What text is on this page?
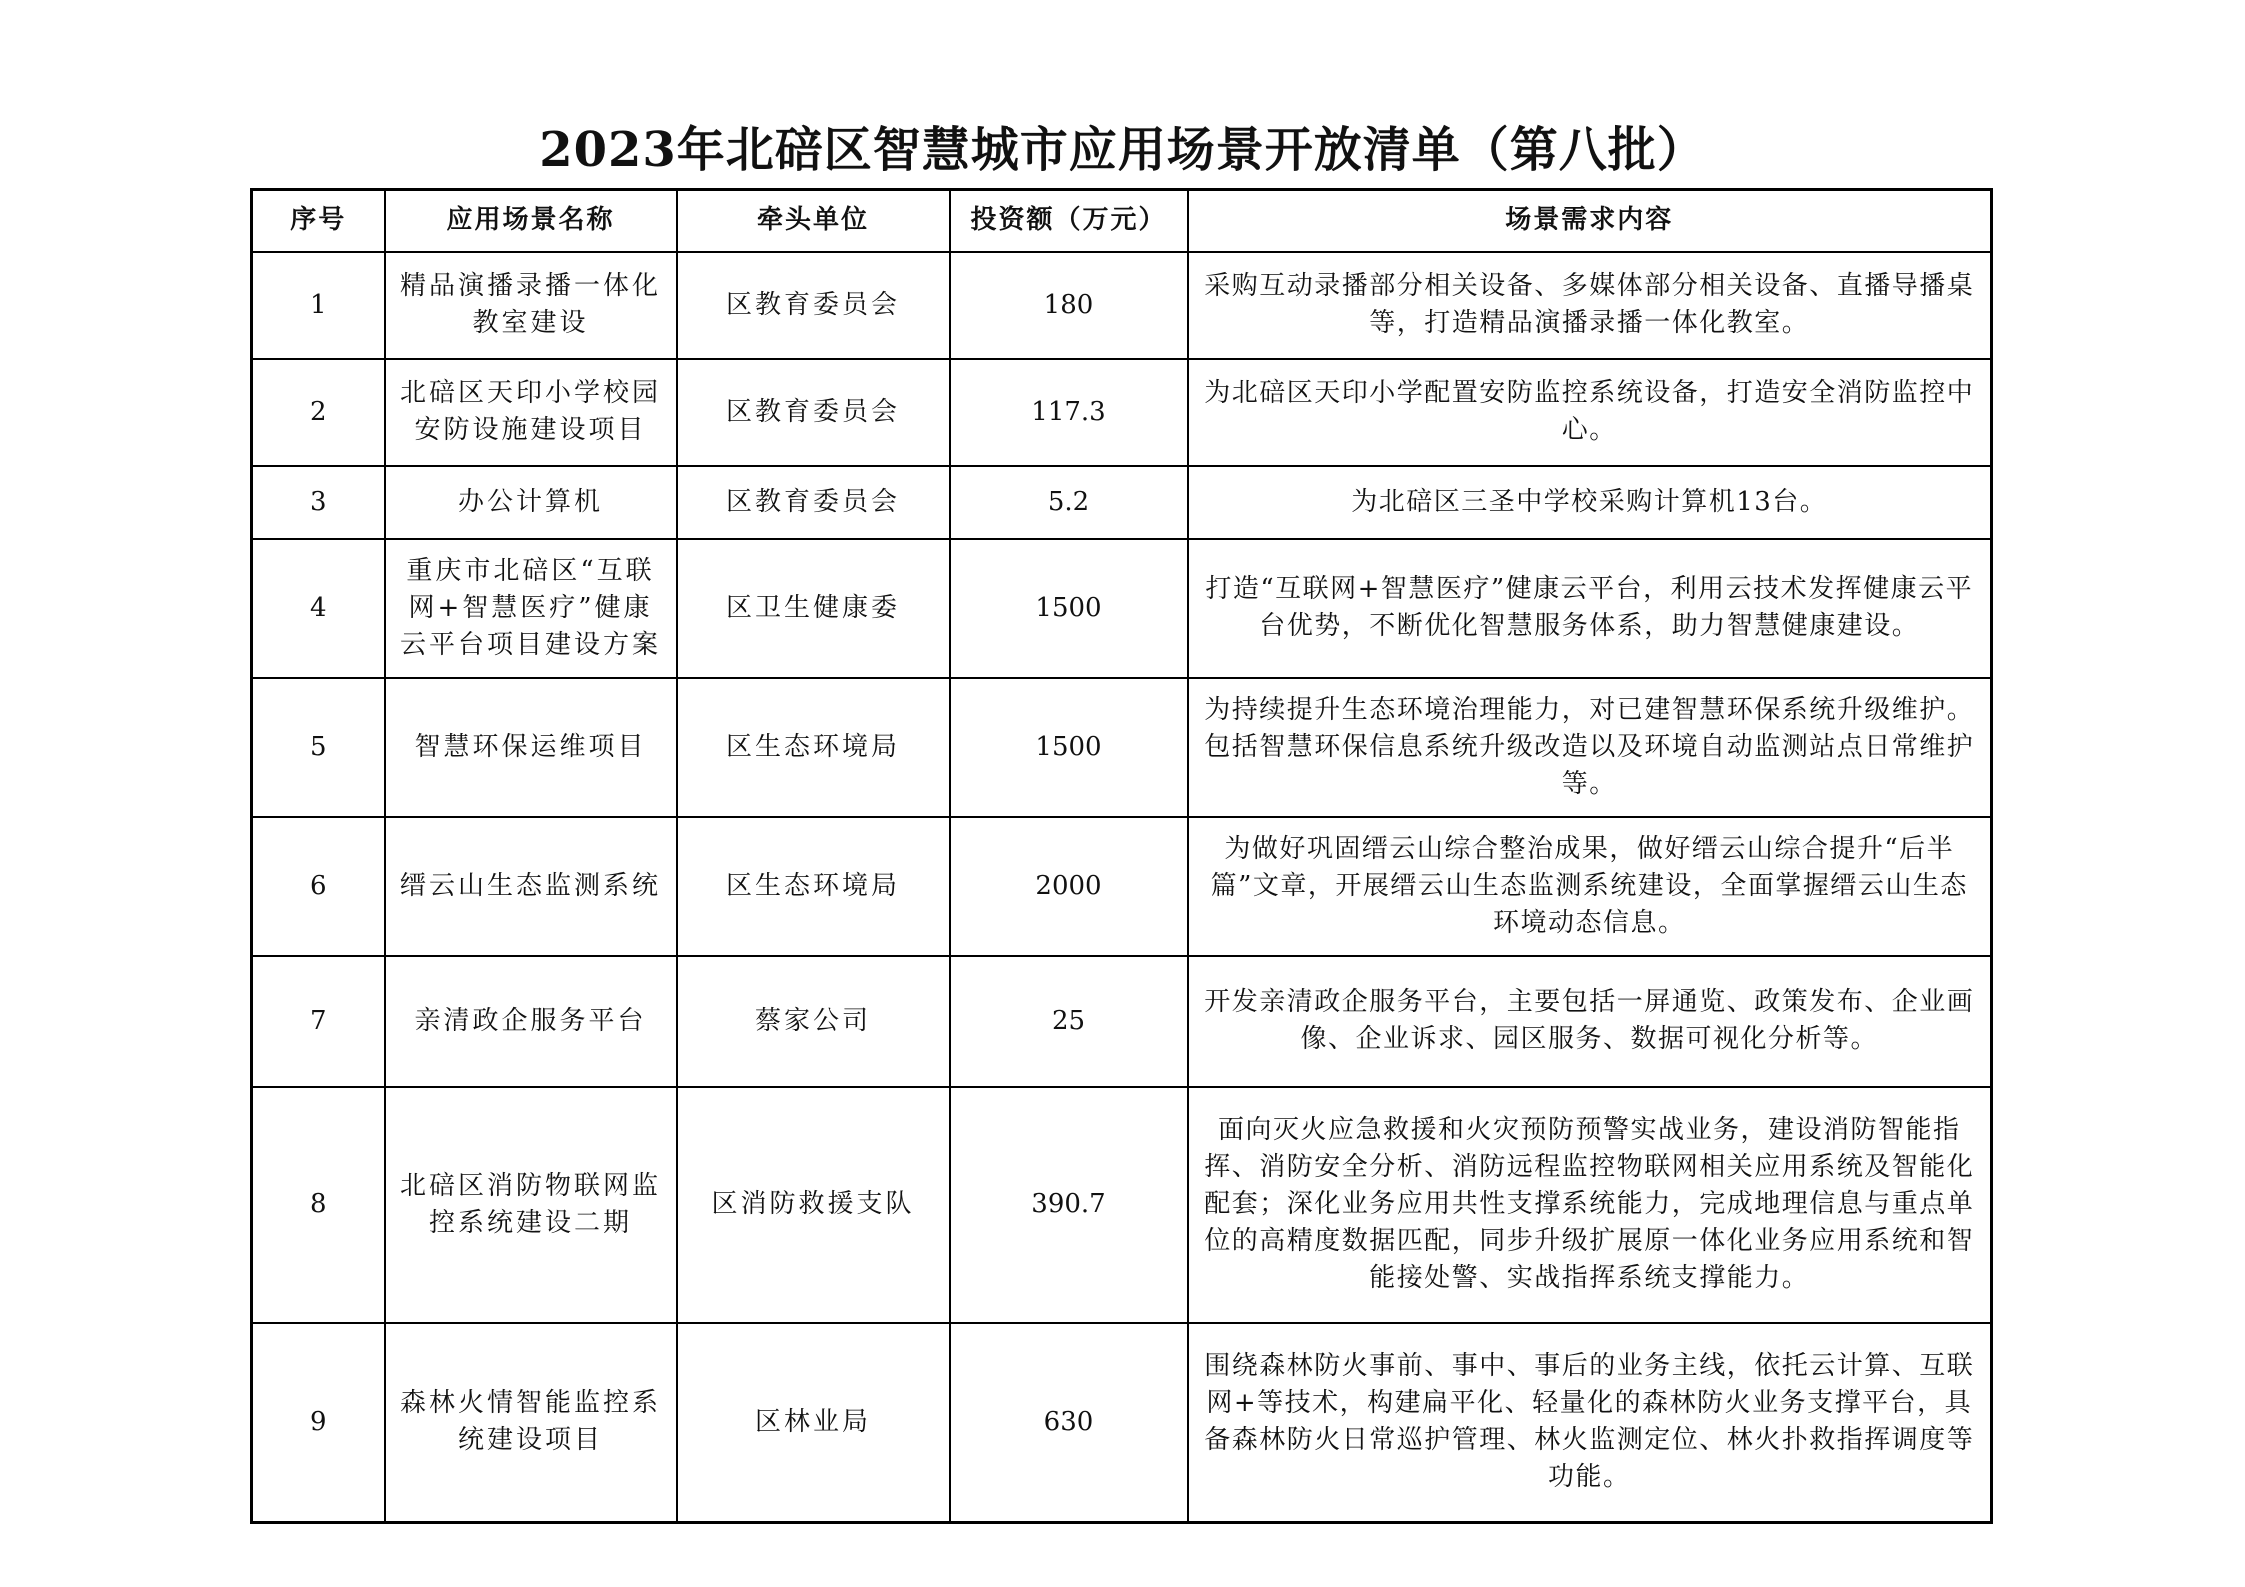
2023年北碚区智慧城市应用场景开放清单（第八批）
序号	应用场景名称	牵头单位	投资额（万元）	场景需求内容
1	精品演播录播一体化教室建设	区教育委员会	180	采购互动录播部分相关设备、多媒体部分相关设备、直播导播桌等，打造精品演播录播一体化教室。
2	北碚区天印小学校园安防设施建设项目	区教育委员会	117.3	为北碚区天印小学配置安防监控系统设备，打造安全消防监控中心。
3	办公计算机	区教育委员会	5.2	为北碚区三圣中学校采购计算机13台。
4	重庆市北碚区“互联网+智慧医疗”健康云平台项目建设方案	区卫生健康委	1500	打造“互联网+智慧医疗”健康云平台，利用云技术发挥健康云平台优势，不断优化智慧服务体系，助力智慧健康建设。
5	智慧环保运维项目	区生态环境局	1500	为持续提升生态环境治理能力，对已建智慧环保系统升级维护。包括智慧环保信息系统升级改造以及环境自动监测站点日常维护等。
6	缙云山生态监测系统	区生态环境局	2000	为做好巩固缙云山综合整治成果，做好缙云山综合提升“后半篇”文章，开展缙云山生态监测系统建设，全面掌握缙云山生态环境动态信息。
7	亲清政企服务平台	蔡家公司	25	开发亲清政企服务平台，主要包括一屏通览、政策发布、企业画像、企业诉求、园区服务、数据可视化分析等。
8	北碚区消防物联网监控系统建设二期	区消防救援支队	390.7	面向灭火应急救援和火灾预防预警实战业务，建设消防智能指挥、消防安全分析、消防远程监控物联网相关应用系统及智能化配套；深化业务应用共性支撑系统能力，完成地理信息与重点单位的高精度数据匹配，同步升级扩展原一体化业务应用系统和智能接处警、实战指挥系统支撑能力。
9	森林火情智能监控系统建设项目	区林业局	630	围绕森林防火事前、事中、事后的业务主线，依托云计算、互联网+等技术，构建扁平化、轻量化的森林防火业务支撑平台，具备森林防火日常巡护管理、林火监测定位、林火扑救指挥调度等功能。
